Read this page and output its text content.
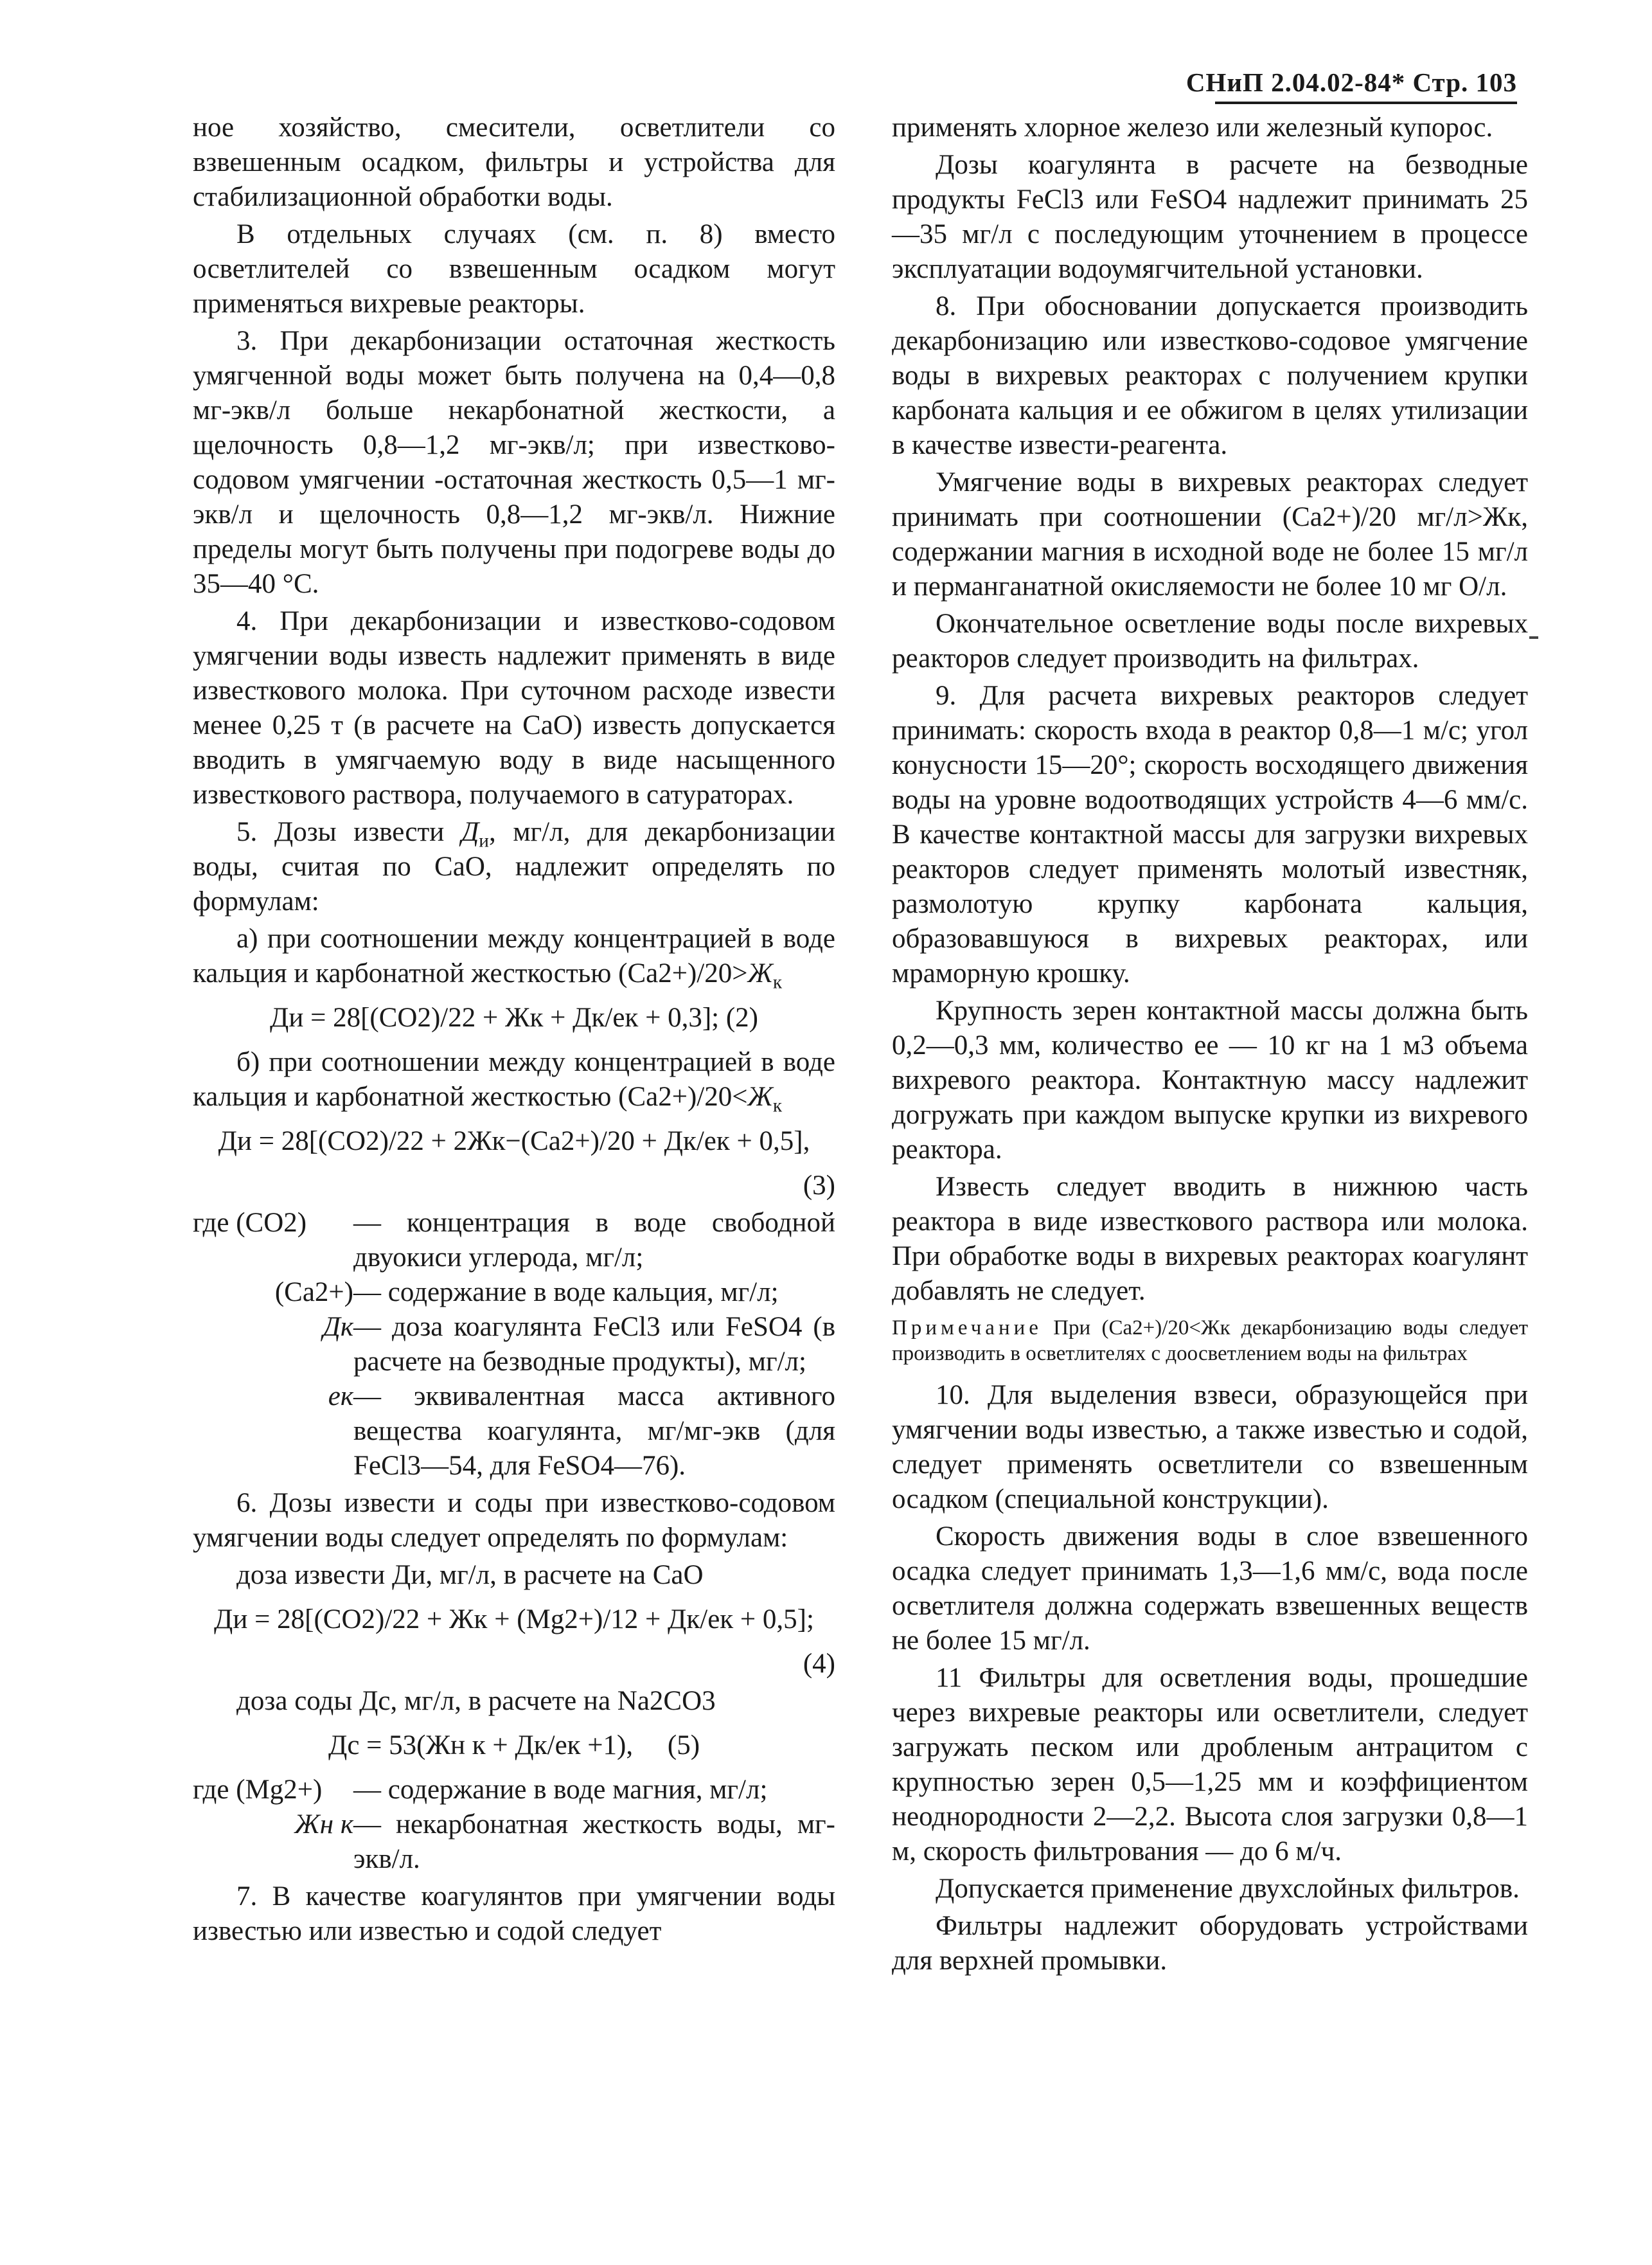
СНиП 2.04.02-84* Стр. 103

ное хозяйство, смесители, осветлители со взвешенным осадком, фильтры и устройства для стабилизационной обработки воды.

В отдельных случаях (см. п. 8) вместо осветлителей со взвешенным осадком могут применяться вихревые реакторы.

3. При декарбонизации остаточная жесткость умягченной воды может быть получена на 0,4—0,8 мг-экв/л больше некарбонатной жесткости, а щелочность 0,8—1,2 мг-экв/л; при известково-содовом умягчении -остаточная жесткость 0,5—1 мг-экв/л и щелочность 0,8—1,2 мг-экв/л. Нижние пределы могут быть получены при подогреве воды до 35—40 °С.

4. При декарбонизации и известково-содовом умягчении воды известь надлежит применять в виде известкового молока. При суточном расходе извести менее 0,25 т (в расчете на СаО) известь допускается вводить в умягчаемую воду в виде насыщенного известкового раствора, получаемого в сатураторах.

5. Дозы извести $Д_и$, мг/л, для декарбонизации воды, считая по СаО, надлежит определять по формулам:

а) при соотношении между концентрацией в воде кальция и карбонатной жесткостью $(Ca2+)/20>Ж_к$

Ди = 28[(СО2)/22 + Жк + Дк/ек + 0,3]; (2)

б) при соотношении между концентрацией в воде кальция и карбонатной жесткостью $(Ca2+)/20<Ж_к$

Ди = 28[(СО2)/22 + 2Жк−(Ca2+)/20 + Дк/ек + 0,5],

(3)

где (СО2)	— концентрация в воде свободной двуокиси углерода, мг/л;
(Ca2+) — содержание в воде кальция, мг/л;
Дк — доза коагулянта FeCl3 или FeSO4 (в расчете на безводные продукты), мг/л;
ек — эквивалентная масса активного вещества коагулянта, мг/мг-экв (для FeCl3—54, для FeSO4—76).

6. Дозы извести и соды при известково-содовом умягчении воды следует определять по формулам:

доза извести Ди, мг/л, в расчете на СаО

Ди = 28[(СО2)/22 + Жк + (Mg2+)/12 + Дк/ек + 0,5];

(4)

доза соды Дс, мг/л, в расчете на Na2CO3

Дс = 53(Жн к + Дк/ек +1), (5)
где (Mg2+)	— содержание в воде магния, мг/л;
Жн к — некарбонатная жесткость воды, мг-экв/л.

7. В качестве коагулянтов при умягчении воды известью или известью и содой следует

применять хлорное железо или железный купорос.

Дозы коагулянта в расчете на безводные продукты FeCl3 или FeSO4 надлежит принимать 25—35 мг/л с последующим уточнением в процессе эксплуатации водоумягчительной установки.

8. При обосновании допускается производить декарбонизацию или известково-содовое умягчение воды в вихревых реакторах с получением крупки карбоната кальция и ее обжигом в целях утилизации в качестве извести-реагента.

Умягчение воды в вихревых реакторах следует принимать при соотношении (Ca2+)/20 мг/л>Жк, содержании магния в исходной воде не более 15 мг/л и перманганатной окисляемости не более 10 мг О/л.

Окончательное осветление воды после вихревых реакторов следует производить на фильтрах.

9. Для расчета вихревых реакторов следует принимать: скорость входа в реактор 0,8—1 м/с; угол конусности 15—20°; скорость восходящего движения воды на уровне водоотводящих устройств 4—6 мм/с. В качестве контактной массы для загрузки вихревых реакторов следует применять молотый известняк, размолотую крупку карбоната кальция, образовавшуюся в вихревых реакторах, или мраморную крошку.

Крупность зерен контактной массы должна быть 0,2—0,3 мм, количество ее — 10 кг на 1 м3 объема вихревого реактора. Контактную массу надлежит догружать при каждом выпуске крупки из вихревого реактора.

Известь следует вводить в нижнюю часть реактора в виде известкового раствора или молока. При обработке воды в вихревых реакторах коагулянт добавлять не следует.

Примечание При (Ca2+)/20<Жк декарбонизацию воды следует производить в осветлителях с доосветлением воды на фильтрах

10. Для выделения взвеси, образующейся при умягчении воды известью, а также известью и содой, следует применять осветлители со взвешенным осадком (специальной конструкции).

Скорость движения воды в слое взвешенного осадка следует принимать 1,3—1,6 мм/с, вода после осветлителя должна содержать взвешенных веществ не более 15 мг/л.

11 Фильтры для осветления воды, прошедшие через вихревые реакторы или осветлители, следует загружать песком или дробленым антрацитом с крупностью зерен 0,5—1,25 мм и коэффициентом неоднородности 2—2,2. Высота слоя загрузки 0,8—1 м, скорость фильтрования — до 6 м/ч.

Допускается применение двухслойных фильтров.

Фильтры надлежит оборудовать устройствами для верхней промывки.
